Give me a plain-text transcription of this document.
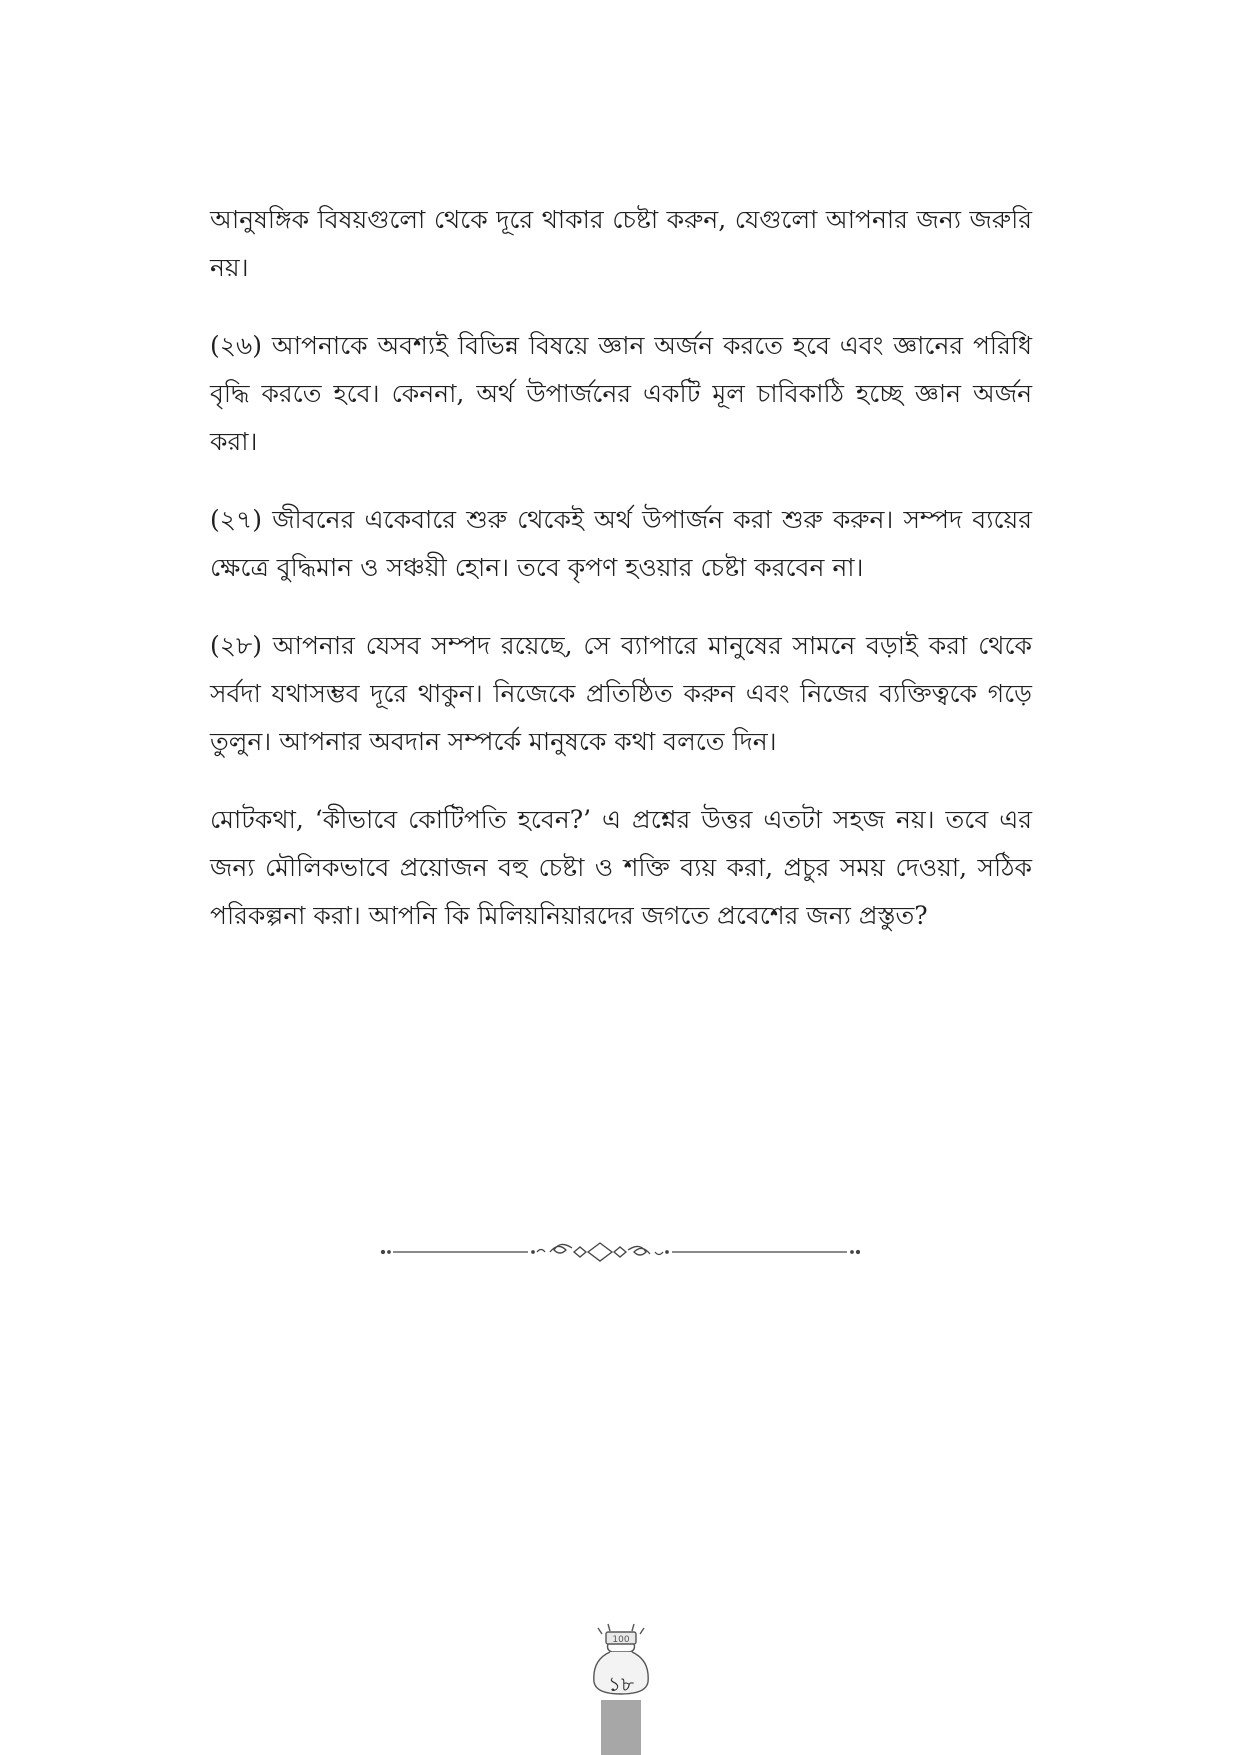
আনুষঙ্গিক বিষয়গুলো থেকে দূরে থাকার চেষ্টা করুন, যেগুলো আপনার জন্য জরুরি নয়।

(২৬) আপনাকে অবশ্যই বিভিন্ন বিষয়ে জ্ঞান অর্জন করতে হবে এবং জ্ঞানের পরিধি বৃদ্ধি করতে হবে। কেননা, অর্থ উপার্জনের একটি মূল চাবিকাঠি হচ্ছে জ্ঞান অর্জন করা।

(২৭) জীবনের একেবারে শুরু থেকেই অর্থ উপার্জন করা শুরু করুন। সম্পদ ব্যয়ের ক্ষেত্রে বুদ্ধিমান ও সঞ্চয়ী হোন। তবে কৃপণ হওয়ার চেষ্টা করবেন না।

(২৮) আপনার যেসব সম্পদ রয়েছে, সে ব্যাপারে মানুষের সামনে বড়াই করা থেকে সর্বদা যথাসম্ভব দূরে থাকুন। নিজেকে প্রতিষ্ঠিত করুন এবং নিজের ব্যক্তিত্বকে গড়ে তুলুন। আপনার অবদান সম্পর্কে মানুষকে কথা বলতে দিন।

মোটকথা, ‘কীভাবে কোটিপতি হবেন?’ এ প্রশ্নের উত্তর এতটা সহজ নয়। তবে এর জন্য মৌলিকভাবে প্রয়োজন বহু চেষ্টা ও শক্তি ব্যয় করা, প্রচুর সময় দেওয়া, সঠিক পরিকল্পনা করা। আপনি কি মিলিয়নিয়ারদের জগতে প্রবেশের জন্য প্রস্তুত?

100
১৮
